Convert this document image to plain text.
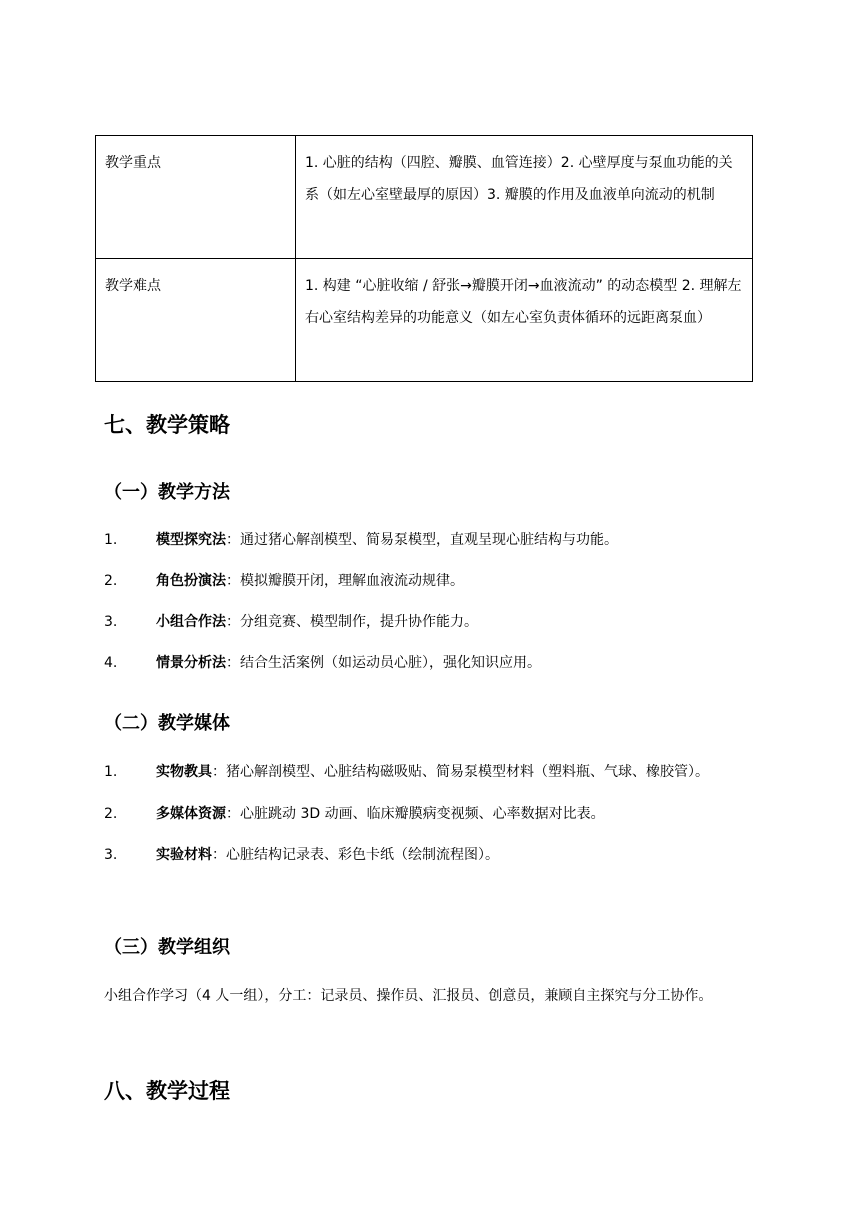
教学重点	1. 心脏的结构（四腔、瓣膜、血管连接）2. 心壁厚度与泵血功能的关系（如左心室壁最厚的原因）3. 瓣膜的作用及血液单向流动的机制
教学难点	1. 构建 “心脏收缩 / 舒张→瓣膜开闭→血液流动” 的动态模型 2. 理解左右心室结构差异的功能意义（如左心室负责体循环的远距离泵血）
七、教学策略
（一）教学方法
1.	模型探究法：通过猪心解剖模型、简易泵模型，直观呈现心脏结构与功能。
2.	角色扮演法：模拟瓣膜开闭，理解血液流动规律。
3.	小组合作法：分组竞赛、模型制作，提升协作能力。
4.	情景分析法：结合生活案例（如运动员心脏），强化知识应用。
（二）教学媒体
1.	实物教具：猪心解剖模型、心脏结构磁吸贴、简易泵模型材料（塑料瓶、气球、橡胶管）。
2.	多媒体资源：心脏跳动 3D 动画、临床瓣膜病变视频、心率数据对比表。
3.	实验材料：心脏结构记录表、彩色卡纸（绘制流程图）。
（三）教学组织

小组合作学习（4 人一组），分工：记录员、操作员、汇报员、创意员，兼顾自主探究与分工协作。

八、教学过程
